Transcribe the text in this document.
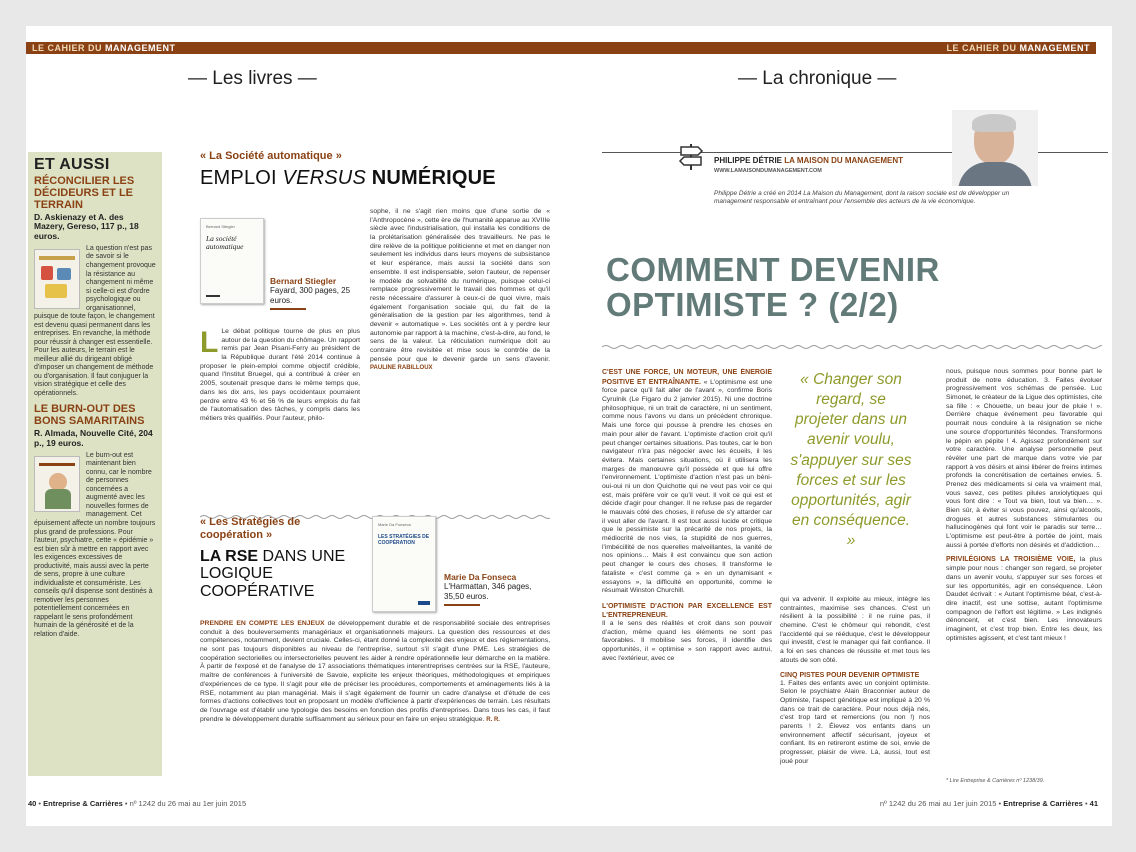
LE CAHIER DU MANAGEMENT
— Les livres —
ET AUSSI
RÉCONCILIER LES DÉCIDEURS ET LE TERRAIN
D. Askienazy et A. des Mazery, Gereso, 117 p., 18 euros.
La question n'est pas de savoir si le changement provoque la résistance au changement ni même si celle-ci est d'ordre psychologique ou organisationnel, puisque de toute façon, le changement est devenu quasi permanent dans les entreprises. En revanche, la méthode pour réussir à changer est essentielle. Pour les auteurs, le terrain est le meilleur allié du dirigeant obligé d'imposer un changement de méthode ou d'organisation. Il faut conjuguer la vision stratégique et celle des opérationnels.
LE BURN-OUT DES BONS SAMARITAINS
R. Almada, Nouvelle Cité, 204 p., 19 euros.
Le burn-out est maintenant bien connu, car le nombre de personnes concernées a augmenté avec les nouvelles formes de management. Cet épuisement affecte un nombre toujours plus grand de professions. Pour l'auteur, psychiatre, cette « épidémie » est bien sûr à mettre en rapport avec les exigences excessives de productivité, mais aussi avec la perte de sens, propre à une culture individualiste et consumériste. Les conseils qu'il dispense sont destinés à remotiver les personnes potentiellement concernées en rappelant le sens profondément humain de la générosité et de la relation d'aide.
« La Société automatique »
EMPLOI VERSUS NUMÉRIQUE
Bernard Stiegler
La société automatique
Bernard Stiegler
Fayard, 300 pages, 25 euros.
L Le débat politique tourne de plus en plus autour de la question du chômage. Un rapport remis par Jean Pisani-Ferry au président de la République durant l'été 2014 continue à proposer le plein-emploi comme objectif crédible, quand l'Institut Bruegel, qui a contribué à créer en 2005, soutenait presque dans le même temps que, dans les dix ans, les pays occidentaux pourraient perdre entre 43 % et 56 % de leurs emplois du fait de l'automatisation des tâches, y compris dans les métiers très qualifiés. Pour l'auteur, philo-
sophe, il ne s'agit rien moins que d'une sortie de « l'Anthropocène », cette ère de l'humanité apparue au XVIIIe siècle avec l'industrialisation, qui installa les conditions de la prolétarisation généralisée des travailleurs. Ne pas le dire relève de la politique politicienne et met en danger non seulement les individus dans leurs moyens de subsistance et leur espérance, mais aussi la société dans son ensemble. Il est indispensable, selon l'auteur, de repenser le modèle de solvabilité du numérique, puisque celui-ci remplace progressivement le travail des hommes et qu'il reste nécessaire d'assurer à ceux-ci de quoi vivre, mais également l'organisation sociale qui, du fait de la généralisation de la gestion par les algorithmes, tend à devenir « automatique ». Les sociétés ont à y perdre leur autonomie par rapport à la machine, c'est-à-dire, au fond, le sens de la valeur. La réticulation numérique doit au contraire être revisitée et mise sous le contrôle de la pensée pour que le devenir garde un sens d'avenir. PAULINE RABILLOUX
« Les Stratégies de coopération »
LA RSE DANS UNE LOGIQUE COOPÉRATIVE
Marie Da Fonseca
LES STRATÉGIES DE COOPÉRATION
Marie Da Fonseca
L'Harmattan, 346 pages, 35,50 euros.
PRENDRE EN COMPTE LES ENJEUX de développement durable et de responsabilité sociale des entreprises conduit à des bouleversements managériaux et organisationnels majeurs. La question des ressources et des compétences, notamment, devient cruciale. Celles-ci, étant donné la complexité des enjeux et des réglementations, ne sont pas toujours disponibles au niveau de l'entreprise, surtout s'il s'agit d'une PME. Les stratégies de coopération sectorielles ou intersectorielles peuvent les aider à rendre opérationnelle leur démarche en la matière. À partir de l'exposé et de l'analyse de 17 associations thématiques interentreprises centrées sur la RSE, l'auteure, maître de conférences à l'université de Savoie, explicite les enjeux théoriques, méthodologiques et empiriques d'expériences de ce type. Il s'agit pour elle de préciser les procédures, comportements et aménagements liés à la RSE, notamment au plan managérial. Mais il s'agit également de fournir un cadre d'analyse et d'étude de ces formes d'actions collectives tout en proposant un modèle d'efficience à partir d'expériences de terrain. Les résultats de l'ouvrage est d'établir une typologie des besoins en fonction des profils d'entreprises. Dans tous les cas, il faut prendre le développement durable suffisamment au sérieux pour en faire un enjeu stratégique. R. R.
40 • Entreprise & Carrières • nº 1242 du 26 mai au 1er juin 2015
LE CAHIER DU MANAGEMENT
— La chronique —
PHILIPPE DÉTRIE LA MAISON DU MANAGEMENT
WWW.LAMAISONDUMANAGEMENT.COM
Philippe Détrie a créé en 2014 La Maison du Management, dont la raison sociale est de développer un management responsable et entraînant pour l'ensemble des acteurs de la vie économique.
COMMENT DEVENIR OPTIMISTE ? (2/2)
« Changer son regard, se projeter dans un avenir voulu, s'appuyer sur ses forces et sur les opportunités, agir en conséquence. »
C'EST UNE FORCE, UN MOTEUR, UNE ÉNERGIE POSITIVE ET ENTRAÎNANTE. « L'optimisme est une force parce qu'il fait aller de l'avant », confirme Boris Cyrulnik (Le Figaro du 2 janvier 2015). Ni une doctrine philosophique, ni un trait de caractère, ni un sentiment, comme nous l'avons vu dans un précédent chronique. Mais une force qui pousse à prendre les choses en main pour aller de l'avant. L'optimiste d'action croit qu'il peut changer certaines situations. Pas toutes, car le bon navigateur n'ira pas négocier avec les écueils, il les évitera. Mais certaines situations, où il utilisera les marges de manœuvre qu'il possède et que lui offre l'environnement. L'optimiste d'action n'est pas un béni-oui-oui ni un don Quichotte qui ne veut pas voir ce qui est, mais préfère voir ce qu'il veut. Il voit ce qui est et décide d'agir pour changer. Il ne refuse pas de regarder le mauvais côté des choses, il refuse de s'y attarder car il veut aller de l'avant. Il est tout aussi lucide et critique que le pessimiste sur la précarité de nos projets, la médiocrité de nos vies, la stupidité de nos guerres, l'imbécillité de nos querelles malveillantes, la vanité de nos opinions… Mais il est convaincu que son action peut changer le cours des choses. Il transforme le fataliste « c'est comme ça » en un dynamisant « essayons », la difficulté en opportunité, comme le résumait Winston Churchill.
L'OPTIMISTE D'ACTION PAR EXCELLENCE EST L'ENTREPRENEUR.
Il a le sens des réalités et croit dans son pouvoir d'action, même quand les éléments ne sont pas favorables. Il mobilise ses forces, il identifie des opportunités, il « optimise » son rapport avec autrui, avec l'extérieur, avec ce
qui va advenir. Il exploite au mieux, intègre les contraintes, maximise ses chances. C'est un résilient à la possibilité : il ne ruine pas, il chemine. C'est le chômeur qui rebondit, c'est l'accidenté qui se rééduque, c'est le développeur qui investit, c'est le manager qui fait confiance. Il a foi en ses chances de réussite et met tous les atouts de son côté.
CINQ PISTES POUR DEVENIR OPTIMISTE
1. Faites des enfants avec un conjoint optimiste. Selon le psychiatre Alain Braconnier auteur de Optimiste, l'aspect génétique est impliqué à 20 % dans ce trait de caractère. Pour nous déjà nés, c'est trop tard et remercions (ou non !) nos parents ! 2. Élevez vos enfants dans un environnement affectif sécurisant, joyeux et confiant. Ils en retireront estime de soi, envie de progresser, plaisir de vivre. Là, aussi, tout est joué pour
nous, puisque nous sommes pour bonne part le produit de notre éducation. 3. Faites évoluer progressivement vos schémas de pensée. Luc Simonet, le créateur de la Ligue des optimistes, cite sa fille : « Chouette, un beau jour de pluie ! ». Derrière chaque événement peu favorable qui pourrait nous conduire à la résignation se niche une source d'opportunités fécondes. Transformons le pépin en pépite ! 4. Agissez profondément sur votre caractère. Une analyse personnelle peut révéler une part de marque dans votre vie par rapport à vos désirs et ainsi libérer de freins intimes profonds la concrétisation de certaines envies. 5. Prenez des médicaments si cela va vraiment mal, vous savez, ces petites pilules anxiolytiques qui vous font dire : « Tout va bien, tout va bien… ». Bien sûr, à éviter si vous pouvez, ainsi qu'alcools, drogues et autres substances stimulantes ou hallucinogènes qui font voir le paradis sur terre… L'optimisme est peut-être à portée de joint, mais aussi à portée d'efforts non désirés et d'addiction…
PRIVILÉGIONS LA TROISIÈME VOIE, la plus simple pour nous : changer son regard, se projeter dans un avenir voulu, s'appuyer sur ses forces et sur les opportunités, agir en conséquence. Léon Daudet écrivait : « Autant l'optimisme béat, c'est-à-dire inactif, est une sottise, autant l'optimisme compagnon de l'effort est légitime. » Les indignés dénoncent, et c'est bien. Les innovateurs imaginent, et c'est trop bien. Entre les deux, les optimistes agissent, et c'est tant mieux !
* Lire Entreprise & Carrières nº 1238/39.
nº 1242 du 26 mai au 1er juin 2015 • Entreprise & Carrières • 41
